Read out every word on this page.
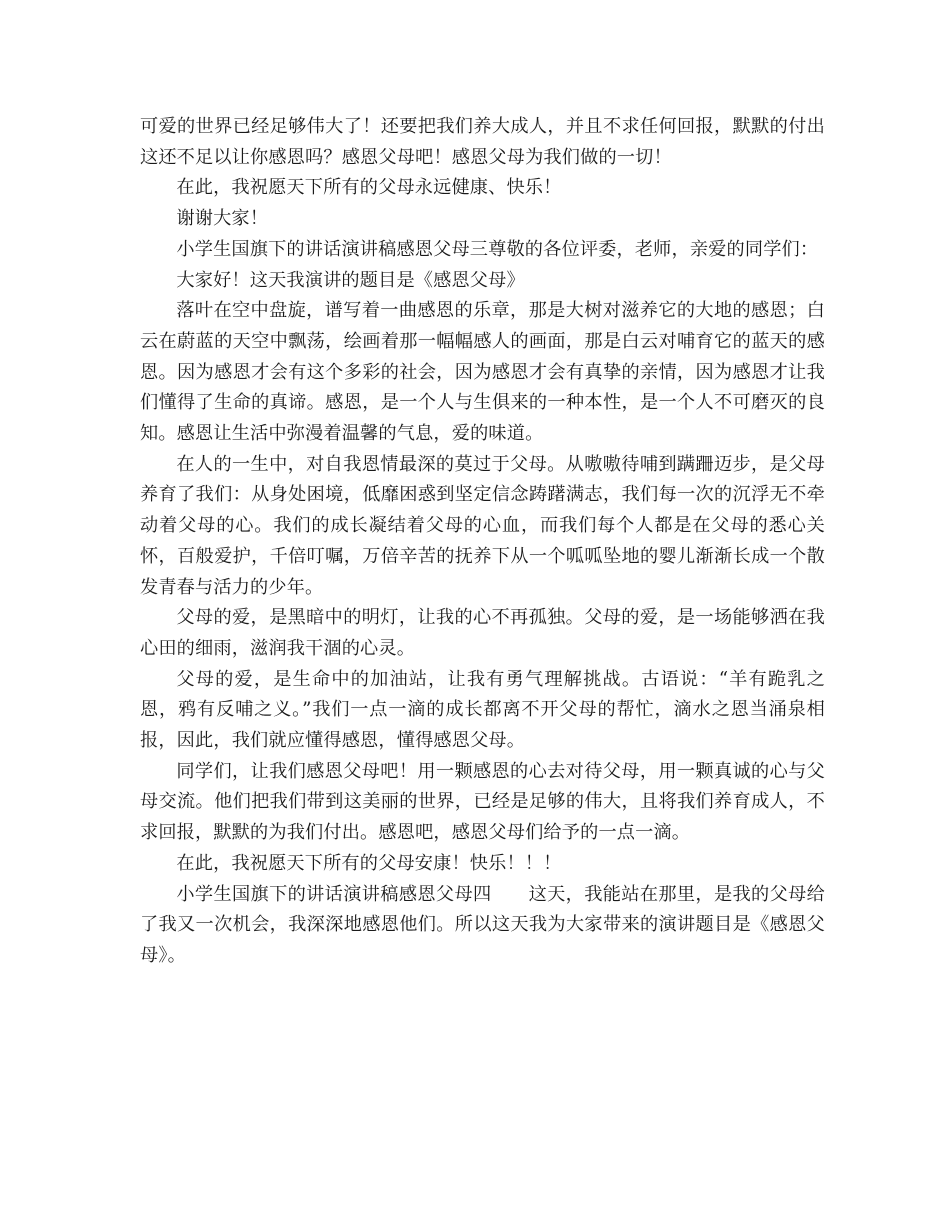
可爱的世界已经足够伟大了！还要把我们养大成人，并且不求任何回报，默默的付出这还不足以让你感恩吗？感恩父母吧！感恩父母为我们做的一切！

在此，我祝愿天下所有的父母永远健康、快乐！

谢谢大家！

小学生国旗下的讲话演讲稿感恩父母三尊敬的各位评委，老师，亲爱的同学们：

大家好！这天我演讲的题目是《感恩父母》

落叶在空中盘旋，谱写着一曲感恩的乐章，那是大树对滋养它的大地的感恩；白云在蔚蓝的天空中飘荡，绘画着那一幅幅感人的画面，那是白云对哺育它的蓝天的感恩。因为感恩才会有这个多彩的社会，因为感恩才会有真挚的亲情，因为感恩才让我们懂得了生命的真谛。感恩，是一个人与生俱来的一种本性，是一个人不可磨灭的良知。感恩让生活中弥漫着温馨的气息，爱的味道。

在人的一生中，对自我恩情最深的莫过于父母。从嗷嗷待哺到蹒跚迈步，是父母养育了我们：从身处困境，低靡困惑到坚定信念踌躇满志，我们每一次的沉浮无不牵动着父母的心。我们的成长凝结着父母的心血，而我们每个人都是在父母的悉心关怀，百般爱护，千倍叮嘱，万倍辛苦的抚养下从一个呱呱坠地的婴儿渐渐长成一个散发青春与活力的少年。

父母的爱，是黑暗中的明灯，让我的心不再孤独。父母的爱，是一场能够洒在我心田的细雨，滋润我干涸的心灵。

父母的爱，是生命中的加油站，让我有勇气理解挑战。古语说：“羊有跪乳之恩，鸦有反哺之义。”我们一点一滴的成长都离不开父母的帮忙，滴水之恩当涌泉相报，因此，我们就应懂得感恩，懂得感恩父母。

同学们，让我们感恩父母吧！用一颗感恩的心去对待父母，用一颗真诚的心与父母交流。他们把我们带到这美丽的世界，已经是足够的伟大，且将我们养育成人，不求回报，默默的为我们付出。感恩吧，感恩父母们给予的一点一滴。

在此，我祝愿天下所有的父母安康！快乐！！！

小学生国旗下的讲话演讲稿感恩父母四　　这天，我能站在那里，是我的父母给了我又一次机会，我深深地感恩他们。所以这天我为大家带来的演讲题目是《感恩父母》。
